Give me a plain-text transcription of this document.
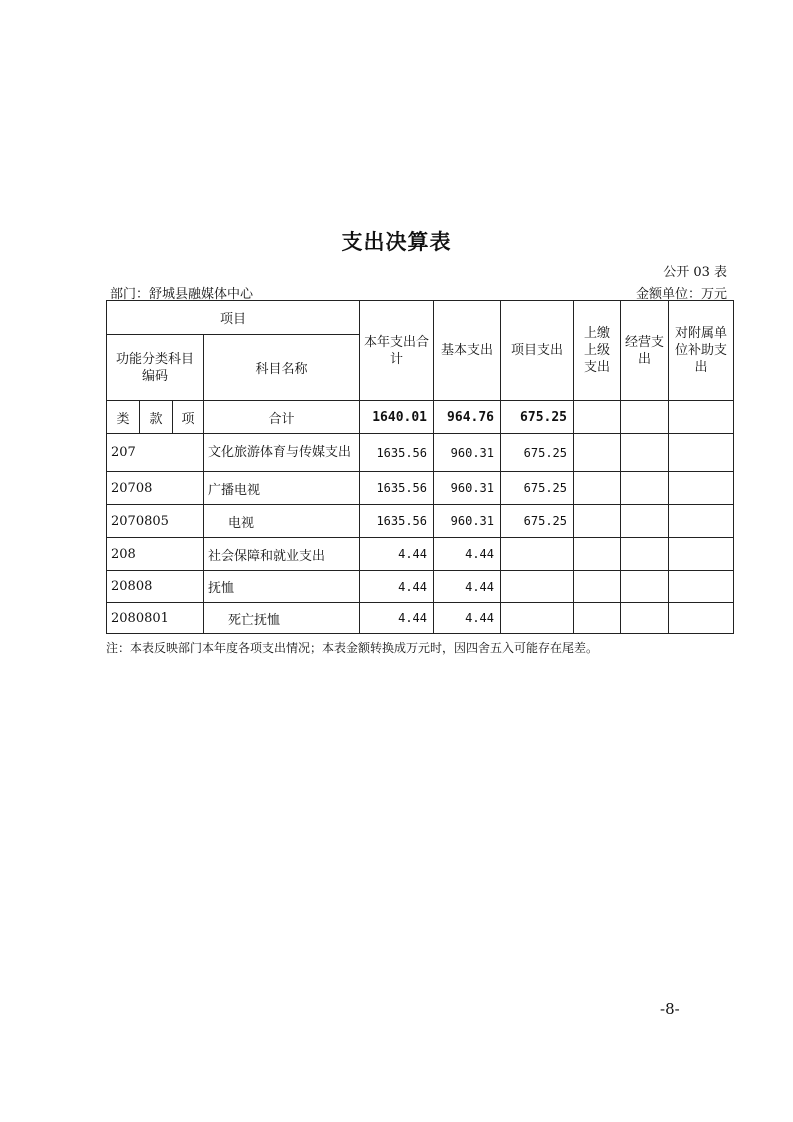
支出决算表
公开 03 表
部门：舒城县融媒体中心	金额单位：万元
项目				本年支出合计	基本支出	项目支出	上缴上级支出	经营支出	对附属单位补助支出
功能分类科目编码			科目名称						
类	款	项	合计	1640.01	964.76	675.25			
207			文化旅游体育与传媒支出	1635.56	960.31	675.25			
20708			广播电视	1635.56	960.31	675.25			
2070805			电视	1635.56	960.31	675.25			
208			社会保障和就业支出	4.44	4.44				
20808			抚恤	4.44	4.44				
2080801			死亡抚恤	4.44	4.44				
注：本表反映部门本年度各项支出情况；本表金额转换成万元时，因四舍五入可能存在尾差。
-8-
